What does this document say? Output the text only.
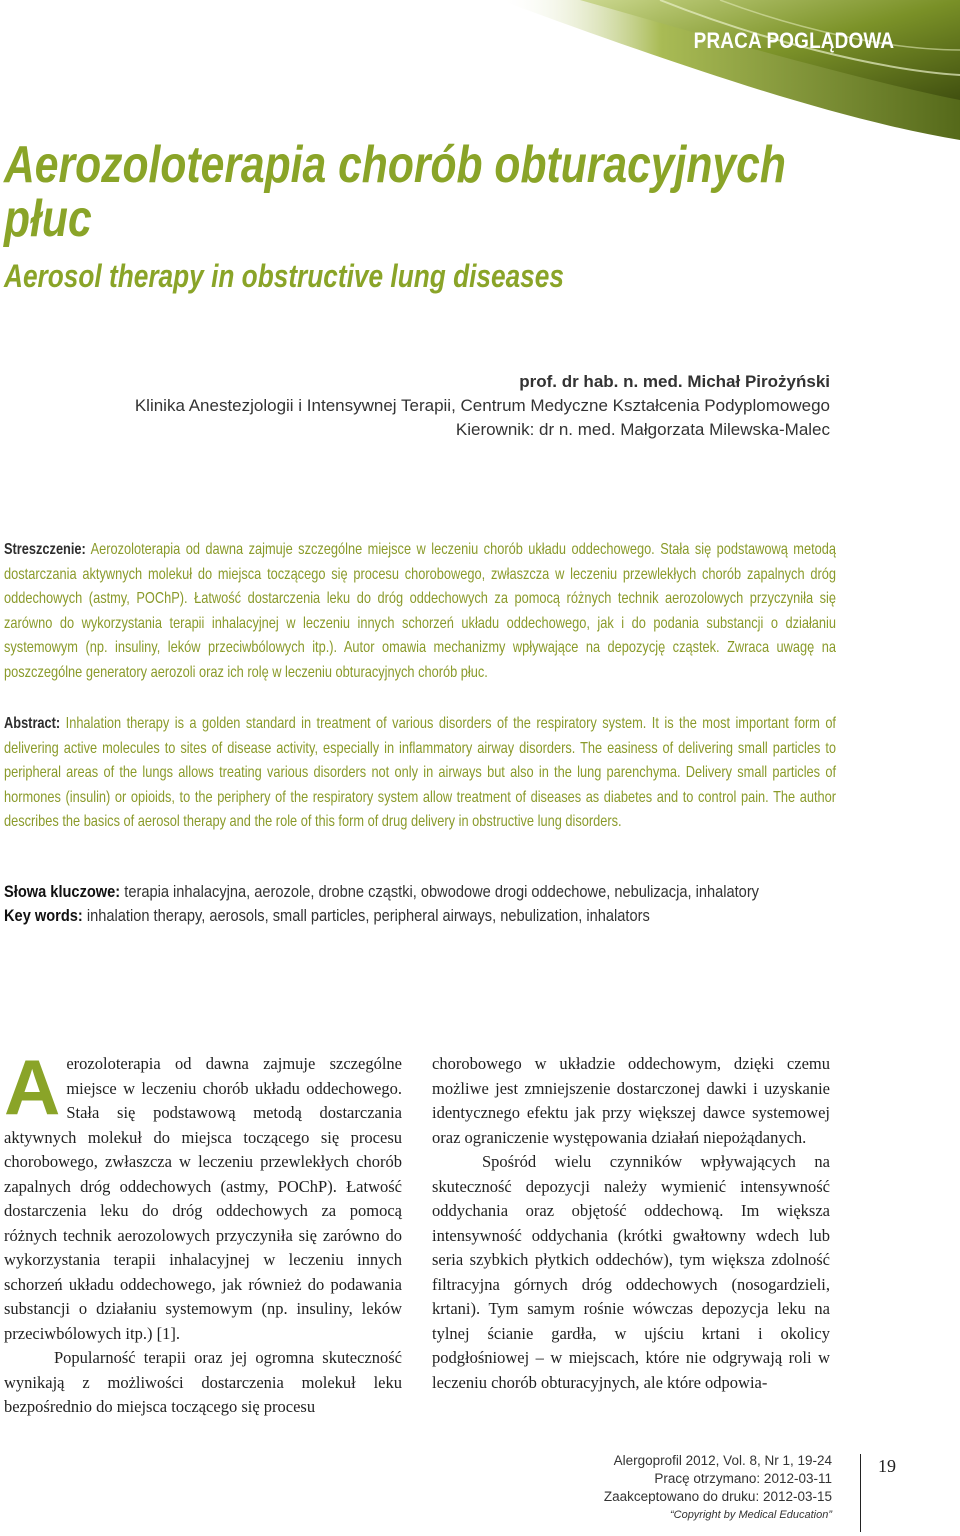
PRACA POGLĄDOWA
Aerozoloterapia chorób obturacyjnych płuc
Aerosol therapy in obstructive lung diseases
prof. dr hab. n. med. Michał Pirożyński
Klinika Anestezjologii i Intensywnej Terapii, Centrum Medyczne Kształcenia Podyplomowego
Kierownik: dr n. med. Małgorzata Milewska-Malec

Streszczenie: Aerozoloterapia od dawna zajmuje szczególne miejsce w leczeniu chorób układu oddechowego. Stała się podstawową metodą dostarczania aktywnych molekuł do miejsca toczącego się procesu chorobowego, zwłaszcza w leczeniu przewlekłych chorób zapalnych dróg oddechowych (astmy, POChP). Łatwość dostarczenia leku do dróg oddechowych za pomocą różnych technik aerozolowych przyczyniła się zarówno do wykorzystania terapii inhalacyjnej w leczeniu innych schorzeń układu oddechowego, jak i do podania substancji o działaniu systemowym (np. insuliny, leków przeciwbólowych itp.). Autor omawia mechanizmy wpływające na depozycję cząstek. Zwraca uwagę na poszczególne generatory aerozoli oraz ich rolę w leczeniu obturacyjnych chorób płuc.

Abstract: Inhalation therapy is a golden standard in treatment of various disorders of the respiratory system. It is the most important form of delivering active molecules to sites of disease activity, especially in inflammatory airway disorders. The easiness of delivering small particles to peripheral areas of the lungs allows treating various disorders not only in airways but also in the lung parenchyma. Delivery small particles of hormones (insulin) or opioids, to the periphery of the respiratory system allow treatment of diseases as diabetes and to control pain. The author describes the basics of aerosol therapy and the role of this form of drug delivery in obstructive lung disorders.

Słowa kluczowe: terapia inhalacyjna, aerozole, drobne cząstki, obwodowe drogi oddechowe, nebulizacja, inhalatory

Key words: inhalation therapy, aerosols, small particles, peripheral airways, nebulization, inhalators

Aerozoloterapia od dawna zajmuje szczególne miejsce w leczeniu chorób układu oddechowego. Stała się podstawową metodą dostarczania aktywnych molekuł do miejsca toczącego się procesu chorobowego, zwłaszcza w leczeniu przewlekłych chorób zapalnych dróg oddechowych (astmy, POChP). Łatwość dostarczenia leku do dróg oddechowych za pomocą różnych technik aerozolowych przyczyniła się zarówno do wykorzystania terapii inhalacyjnej w leczeniu innych schorzeń układu oddechowego, jak również do podawania substancji o działaniu systemowym (np. insuliny, leków przeciwbólowych itp.) [1].

Popularność terapii oraz jej ogromna skuteczność wynikają z możliwości dostarczenia molekuł leku bezpośrednio do miejsca toczącego się procesu

chorobowego w układzie oddechowym, dzięki czemu możliwe jest zmniejszenie dostarczonej dawki i uzyskanie identycznego efektu jak przy większej dawce systemowej oraz ograniczenie występowania działań niepożądanych.

Spośród wielu czynników wpływających na skuteczność depozycji należy wymienić intensywność oddychania oraz objętość oddechową. Im większa intensywność oddychania (krótki gwałtowny wdech lub seria szybkich płytkich oddechów), tym większa zdolność filtracyjna górnych dróg oddechowych (nosogardzieli, krtani). Tym samym rośnie wówczas depozycja leku na tylnej ścianie gardła, w ujściu krtani i okolicy podgłośniowej – w miejscach, które nie odgrywają roli w leczeniu chorób obturacyjnych, ale które odpowia-

Alergoprofil 2012, Vol. 8, Nr 1, 19-24
Pracę otrzymano: 2012-03-11
Zaakceptowano do druku: 2012-03-15
“Copyright by Medical Education”
19
